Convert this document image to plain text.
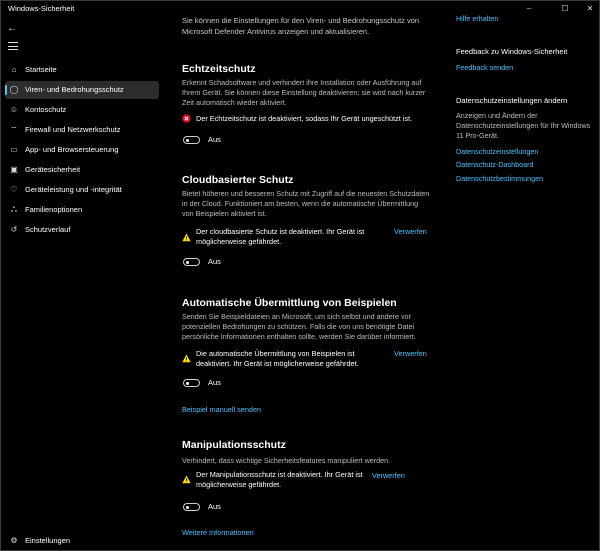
Windows-Sicherheit	–	☐	✕
←
⌂	Startseite
◯ Viren- und Bedrohungsschutz
☺ Kontoschutz
⌔ Firewall und Netzwerkschutz
▭ App- und Browsersteuerung
▣ Gerätesicherheit
♡ Geräteleistung und -integrität
ஃ	Familienoptionen
↺	Schutzverlauf
⚙ Einstellungen
Sie können die Einstellungen für den Viren- und Bedrohungsschutz von
Microsoft Defender Antivirus anzeigen und aktualisieren.
Echtzeitschutz
Erkennt Schadsoftware und verhindert ihre Installation oder Ausführung auf Ihrem Gerät. Sie können diese Einstellung deaktivieren; sie wird nach kurzer Zeit automatisch wieder aktiviert.
Der Echtzeitschutz ist deaktiviert, sodass Ihr Gerät ungeschützt ist.
Aus
Cloudbasierter Schutz
Bietet höheren und besseren Schutz mit Zugriff auf die neuesten Schutzdaten in der Cloud. Funktioniert am besten, wenn die automatische Übermittlung von Beispielen aktiviert ist.
Der cloudbasierte Schutz ist deaktiviert. Ihr Gerät ist möglicherweise gefährdet.
Verwerfen
Aus
Automatische Übermittlung von Beispielen
Senden Sie Beispieldateien an Microsoft, um sich selbst und andere vor potenziellen Bedrohungen zu schützen. Falls die von uns benötigte Datei persönliche Informationen enthalten sollte, werden Sie darüber informiert.
Die automatische Übermittlung von Beispielen ist deaktiviert. Ihr Gerät ist möglicherweise gefährdet.
Verwerfen
Aus
Beispiel manuell senden
Manipulationsschutz
Verhindert, dass wichtige Sicherheitsfeatures manipuliert werden.
Der Manipulationsschutz ist deaktiviert. Ihr Gerät ist möglicherweise gefährdet.
Verwerfen
Aus
Weitere Informationen
Hilfe erhalten
Feedback zu Windows-Sicherheit
Feedback senden
Datenschutzeinstellungen ändern
Anzeigen und Ändern der Datenschutzeinstellungen für Ihr Windows 11 Pro-Gerät.
Datenschutzeinstellungen
Datenschutz-Dashboard
Datenschutzbestimmungen
